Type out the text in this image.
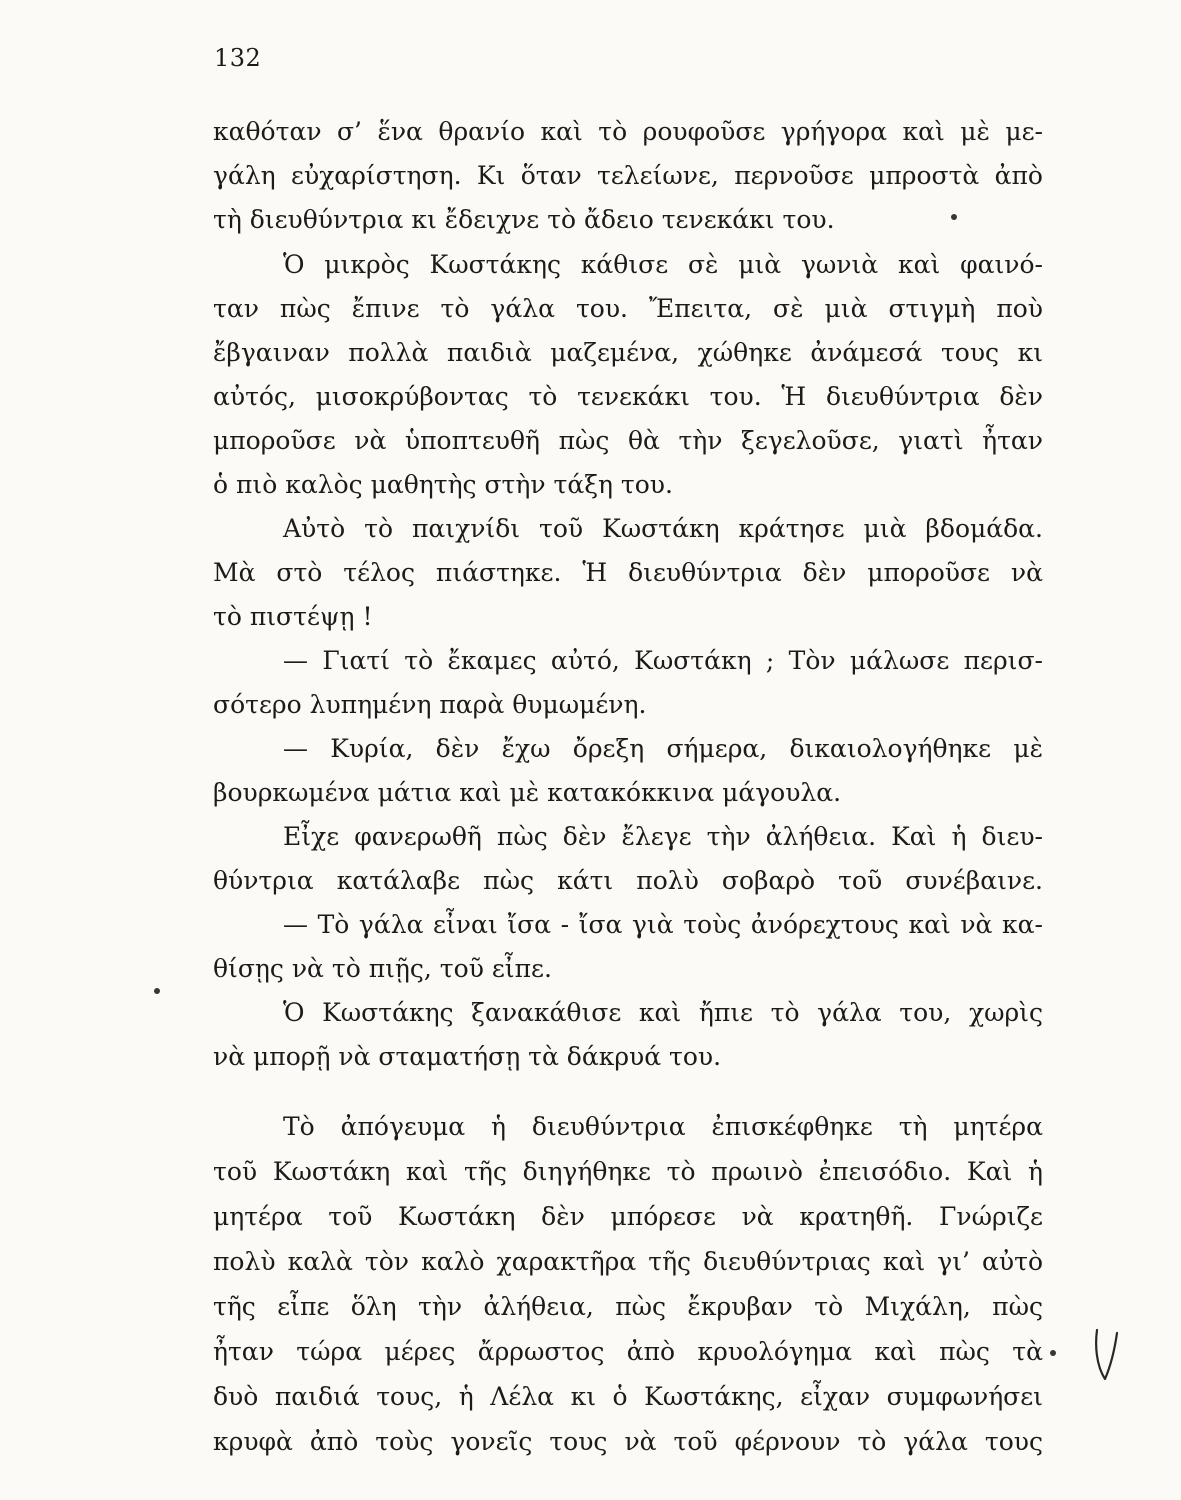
132
καθόταν σ’ ἕνα θρανίο καὶ τὸ ρουφοῦσε γρήγορα καὶ μὲ με-
γάλη εὐχαρίστηση. Κι ὅταν τελείωνε, περνοῦσε μπροστὰ ἀπὸ
τὴ διευθύντρια κι ἔδειχνε τὸ ἄδειο τενεκάκι του.
Ὁ μικρὸς Κωστάκης κάθισε σὲ μιὰ γωνιὰ καὶ φαινό-
ταν πὼς ἔπινε τὸ γάλα του. Ἔπειτα, σὲ μιὰ στιγμὴ ποὺ
ἔβγαιναν πολλὰ παιδιὰ μαζεμένα, χώθηκε ἀνάμεσά τους κι
αὐτός, μισοκρύβοντας τὸ τενεκάκι του. Ἡ διευθύντρια δὲν
μποροῦσε νὰ ὑποπτευθῆ πὼς θὰ τὴν ξεγελοῦσε, γιατὶ ἦταν
ὁ πιὸ καλὸς μαθητὴς στὴν τάξη του.
Αὐτὸ τὸ παιχνίδι τοῦ Κωστάκη κράτησε μιὰ βδομάδα.
Μὰ στὸ τέλος πιάστηκε. Ἡ διευθύντρια δὲν μποροῦσε νὰ
τὸ πιστέψῃ !
— Γιατί τὸ ἔκαμες αὐτό, Κωστάκη ; Τὸν μάλωσε περισ-
σότερο λυπημένη παρὰ θυμωμένη.
— Κυρία, δὲν ἔχω ὄρεξη σήμερα, δικαιολογήθηκε μὲ
βουρκωμένα μάτια καὶ μὲ κατακόκκινα μάγουλα.
Εἶχε φανερωθῆ πὼς δὲν ἔλεγε τὴν ἀλήθεια. Καὶ ἡ διευ-
θύντρια κατάλαβε πὼς κάτι πολὺ σοβαρὸ τοῦ συνέβαινε.
— Τὸ γάλα εἶναι ἴσα - ἴσα γιὰ τοὺς ἀνόρεχτους καὶ νὰ κα-
θίσῃς νὰ τὸ πιῇς, τοῦ εἶπε.
Ὁ Κωστάκης ξανακάθισε καὶ ἤπιε τὸ γάλα του, χωρὶς
νὰ μπορῇ νὰ σταματήσῃ τὰ δάκρυά του.
Τὸ ἀπόγευμα ἡ διευθύντρια ἐπισκέφθηκε τὴ μητέρα
τοῦ Κωστάκη καὶ τῆς διηγήθηκε τὸ πρωινὸ ἐπεισόδιο. Καὶ ἡ
μητέρα τοῦ Κωστάκη δὲν μπόρεσε νὰ κρατηθῆ. Γνώριζε
πολὺ καλὰ τὸν καλὸ χαρακτῆρα τῆς διευθύντριας καὶ γι’ αὐτὸ
τῆς εἶπε ὅλη τὴν ἀλήθεια, πὼς ἔκρυβαν τὸ Μιχάλη, πὼς
ἦταν τώρα μέρες ἄρρωστος ἀπὸ κρυολόγημα καὶ πὼς τὰ
δυὸ παιδιά τους, ἡ Λέλα κι ὁ Κωστάκης, εἶχαν συμφωνήσει
κρυφὰ ἀπὸ τοὺς γονεῖς τους νὰ τοῦ φέρνουν τὸ γάλα τους
